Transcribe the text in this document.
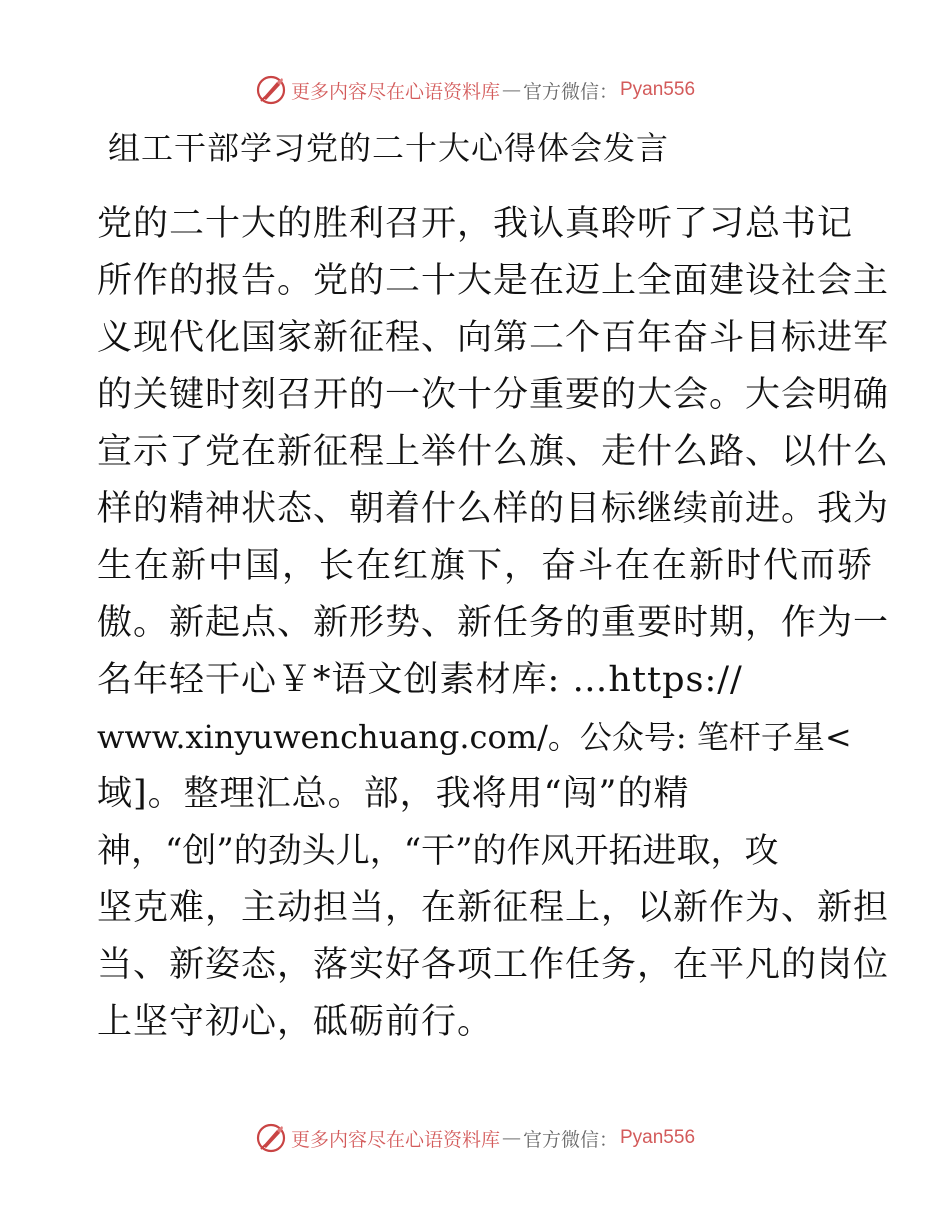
更多内容尽在心语资料库 — 官方微信： Pyan556
组工干部学习党的二十大心得体会发言
党的二十大的胜利召开，我认真聆听了习总书记
所作的报告。党的二十大是在迈上全面建设社会主
义现代化国家新征程、向第二个百年奋斗目标进军
的关键时刻召开的一次十分重要的大会。大会明确
宣示了党在新征程上举什么旗、走什么路、以什么
样的精神状态、朝着什么样的目标继续前进。我为
生在新中国，长在红旗下，奋斗在在新时代而骄
傲。新起点、新形势、新任务的重要时期，作为一
名年轻干心￥*语文创素材库: …https://
www.xinyuwenchuang.com/。公众号: 笔杆子星<
域]。整理汇总。部，我将用“闯”的精
神，“创”的劲头儿，“干”的作风开拓进取，攻
坚克难，主动担当，在新征程上，以新作为、新担
当、新姿态，落实好各项工作任务，在平凡的岗位
上坚守初心，砥砺前行。
更多内容尽在心语资料库 — 官方微信： Pyan556
